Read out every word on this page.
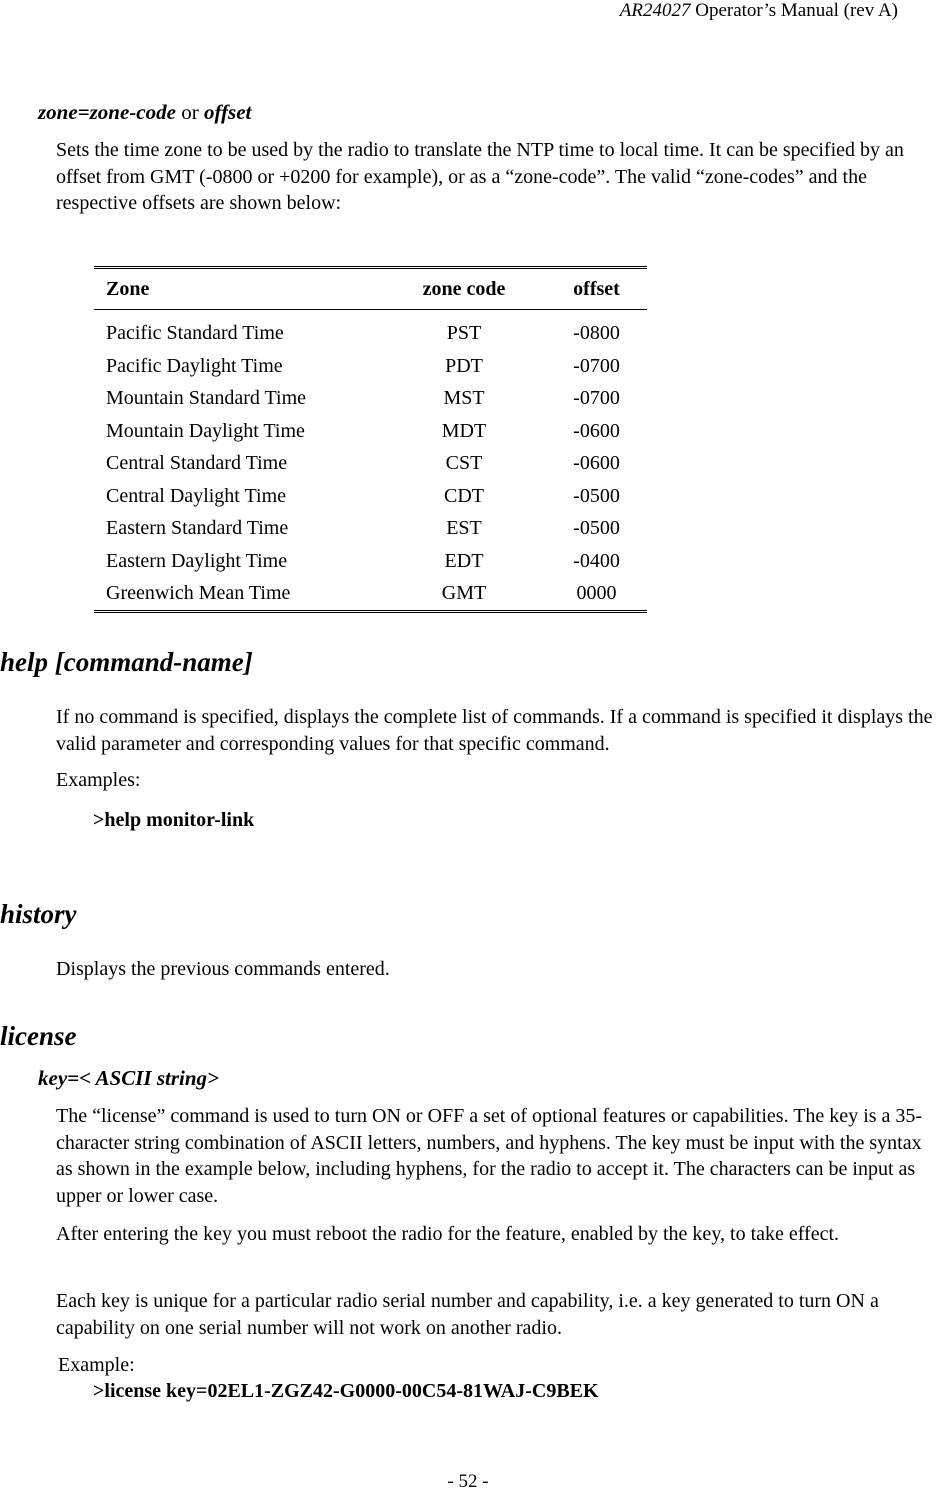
AR24027 Operator’s Manual (rev A)
zone=zone-code or offset
Sets the time zone to be used by the radio to translate the NTP time to local time. It can be specified by an offset from GMT (-0800 or +0200 for example), or as a “zone-code”. The valid “zone-codes” and the respective offsets are shown below:
Zone	zone code	offset
Pacific Standard Time	PST	-0800
Pacific Daylight Time	PDT	-0700
Mountain Standard Time	MST	-0700
Mountain Daylight Time	MDT	-0600
Central Standard Time	CST	-0600
Central Daylight Time	CDT	-0500
Eastern Standard Time	EST	-0500
Eastern Daylight Time	EDT	-0400
Greenwich Mean Time	GMT	0000
help [command-name]
If no command is specified, displays the complete list of commands. If a command is specified it displays the valid parameter and corresponding values for that specific command.
Examples:
>help monitor-link
history
Displays the previous commands entered.
license
key=< ASCII string>
The “license” command is used to turn ON or OFF a set of optional features or capabilities. The key is a 35-character string combination of ASCII letters, numbers, and hyphens. The key must be input with the syntax as shown in the example below, including hyphens, for the radio to accept it. The characters can be input as upper or lower case.
After entering the key you must reboot the radio for the feature, enabled by the key, to take effect.
Each key is unique for a particular radio serial number and capability, i.e. a key generated to turn ON a capability on one serial number will not work on another radio.
Example:
>license key=02EL1-ZGZ42-G0000-00C54-81WAJ-C9BEK
- 52 -
